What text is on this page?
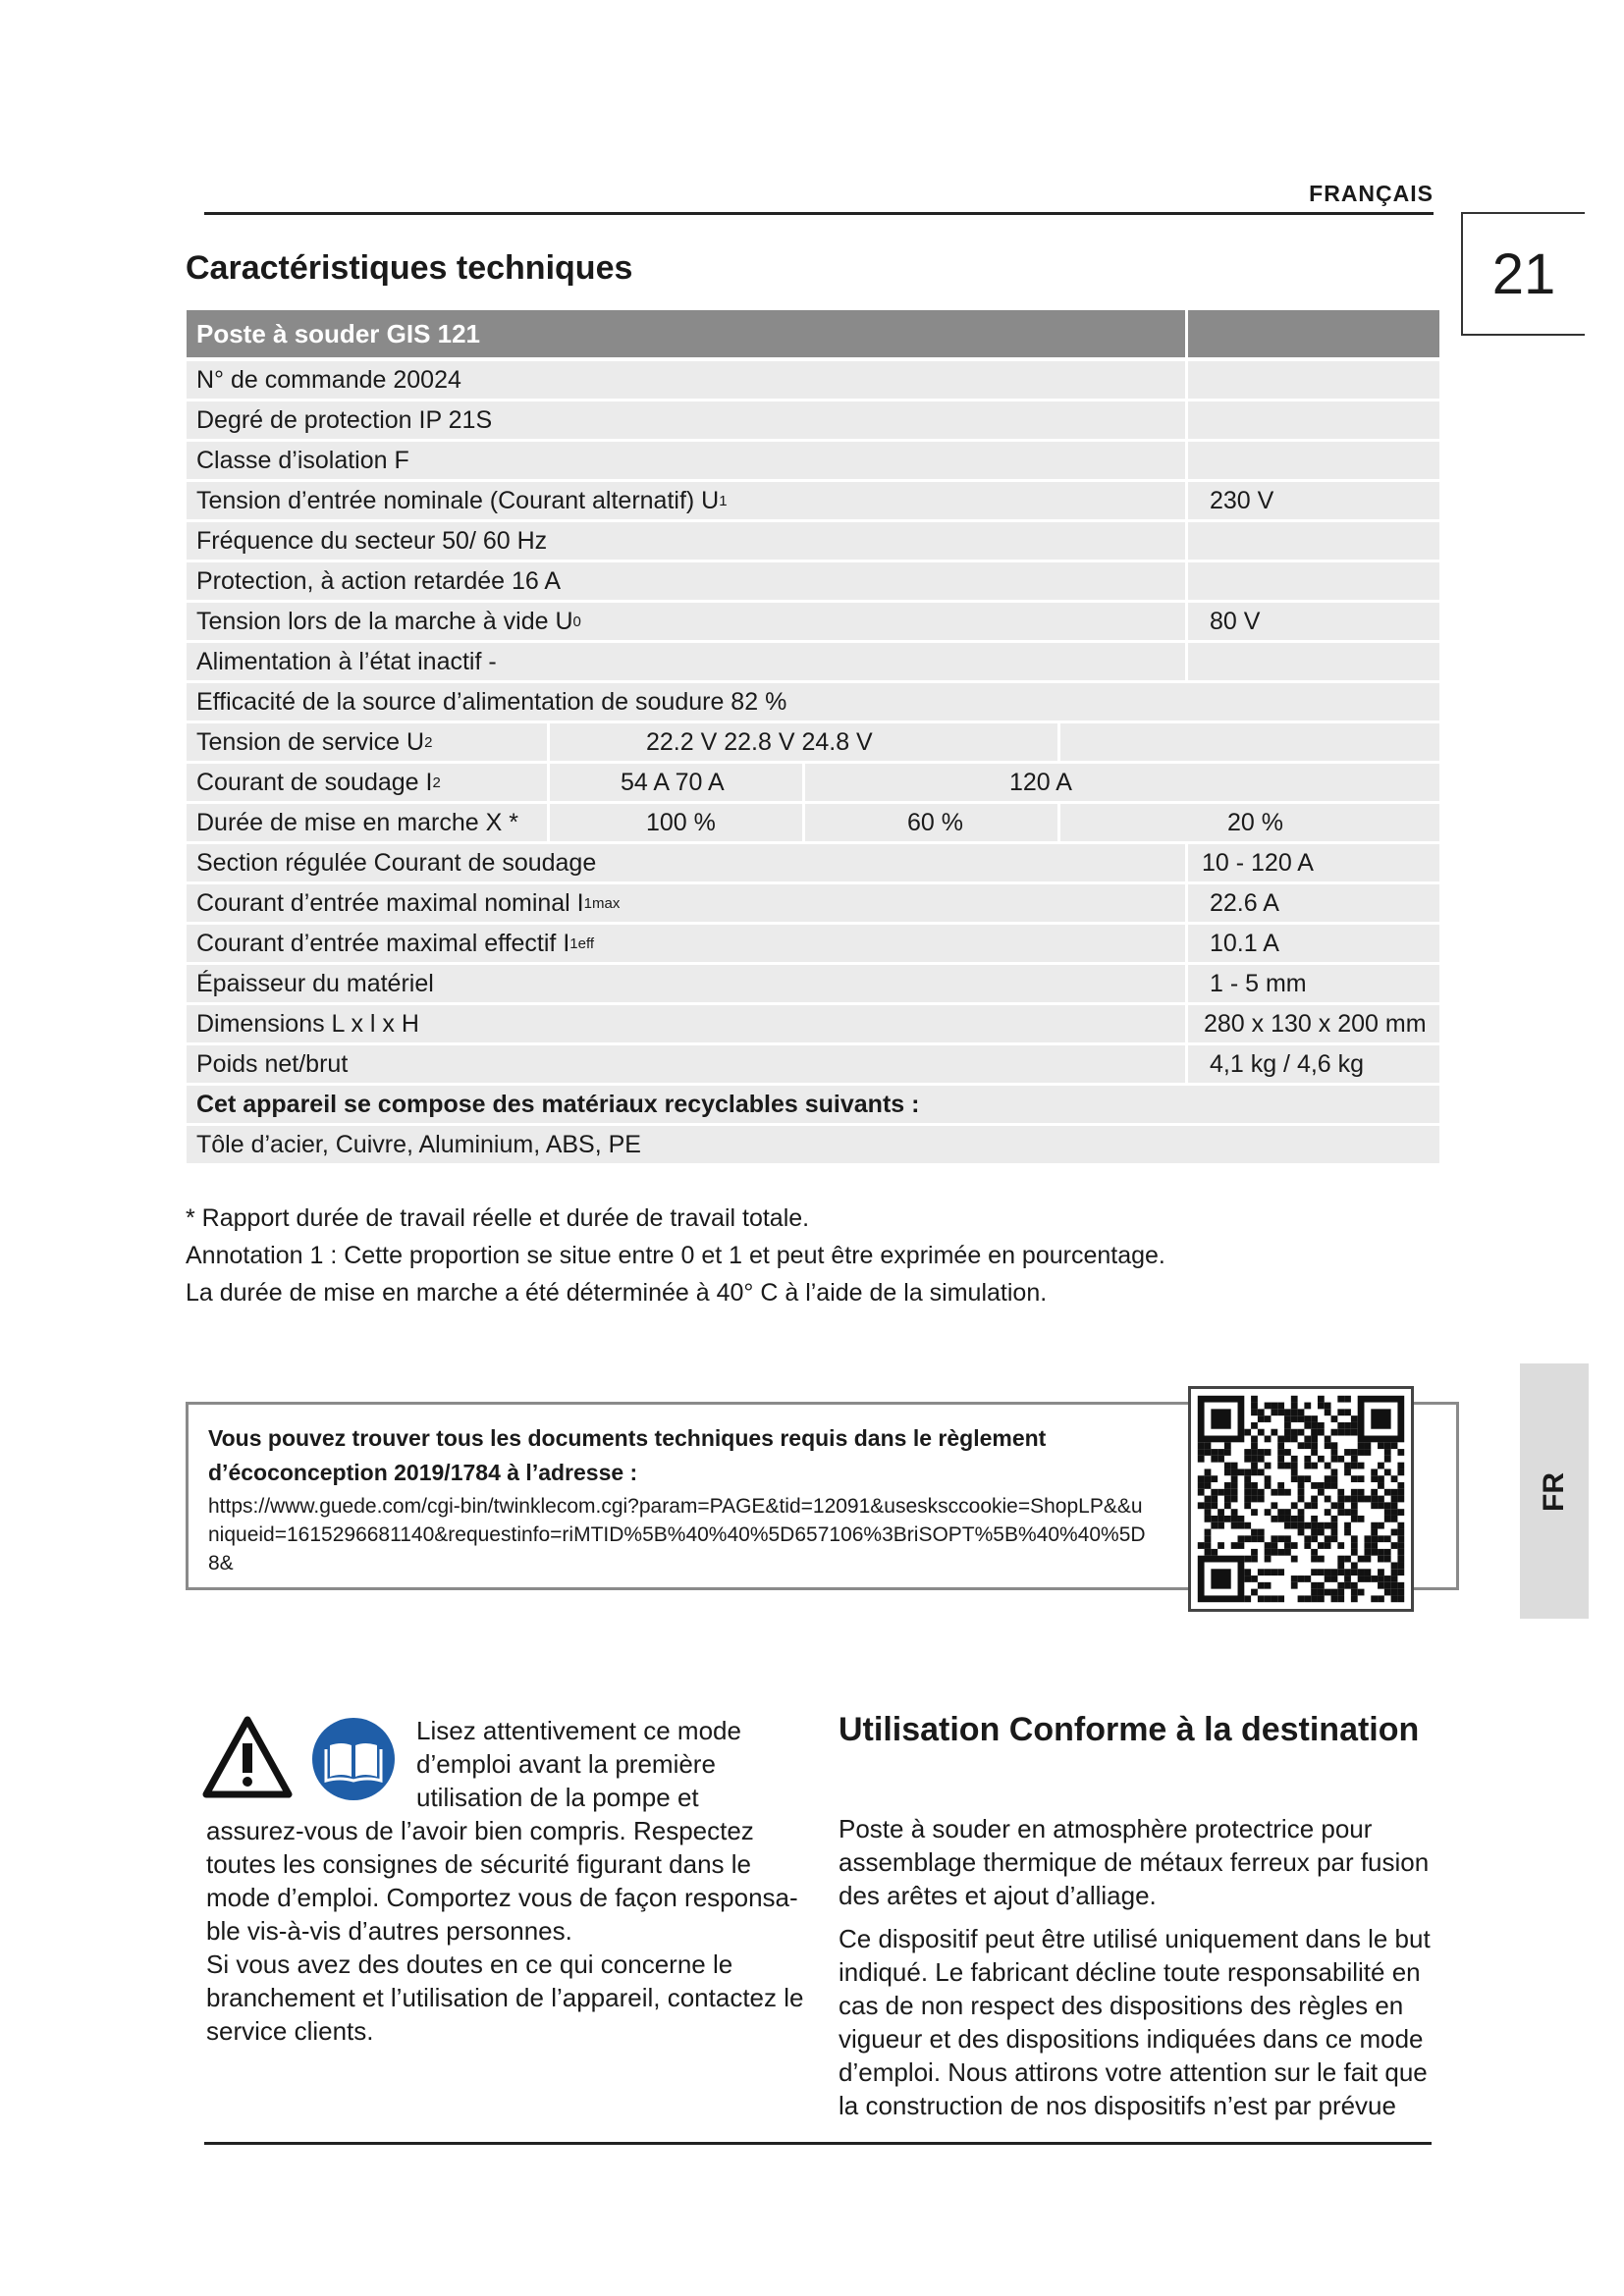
FRANÇAIS
21
Caractéristiques techniques
Poste à souder GIS 121
N° de commande 20024
Degré de protection IP 21S
Classe d’isolation F
Tension d’entrée nominale (Courant alternatif) U 1	230 V
Fréquence du secteur 50/ 60 Hz
Protection, à action retardée 16 A
Tension lors de la marche à vide U 0	80 V
Alimentation à l’état inactif -
Efficacité de la source d’alimentation de soudure 82 %
Tension de service U 2	22.2 V 22.8 V 24.8 V
Courant de soudage I 2	54 A 70 A	120 A
Durée de mise en marche X *	100 %	60 %	20 %
Section régulée Courant de soudage	10 - 120 A
Courant d’entrée maximal nominal I 1max	22.6 A
Courant d’entrée maximal effectif I 1eff	10.1 A
Épaisseur du matériel	1 - 5 mm
Dimensions L x l x H	280 x 130 x 200 mm
Poids net/brut	4,1 kg / 4,6 kg
Cet appareil se compose des matériaux recyclables suivants :
Tôle d’acier, Cuivre, Aluminium, ABS, PE
* Rapport durée de travail réelle et durée de travail totale.
Annotation 1 : Cette proportion se situe entre 0 et 1 et peut être exprimée en pourcentage.
La durée de mise en marche a été déterminée à 40° C à l’aide de la simulation.
Vous pouvez trouver tous les documents techniques requis dans le règlement d’écoconception 2019/1784 à l’adresse :
https://www.guede.com/cgi-bin/twinklecom.cgi?param=PAGE&tid=12091&usesksccookie=ShopLP&&uniqueid=1615296681140&requestinfo=riMTID%5B%40%40%5D657106%3BriSOPT%5B%40%40%5D8&
FR
Lisez attentivement ce mode d’emploi avant la première utilisation de la pompe et
assurez-vous de l’avoir bien compris. Respectez toutes les consignes de sécurité figurant dans le mode d’emploi. Comportez vous de façon responsa-ble vis-à-vis d’autres personnes.
Si vous avez des doutes en ce qui concerne le branchement et l’utilisation de l’appareil, contactez le service clients.
Utilisation Conforme à la destination

Poste à souder en atmosphère protectrice pour assemblage thermique de métaux ferreux par fusion des arêtes et ajout d’alliage.

Ce dispositif peut être utilisé uniquement dans le but indiqué. Le fabricant décline toute responsabilité en cas de non respect des dispositions des règles en vigueur et des dispositions indiquées dans ce mode d’emploi. Nous attirons votre attention sur le fait que la construction de nos dispositifs n’est par prévue
